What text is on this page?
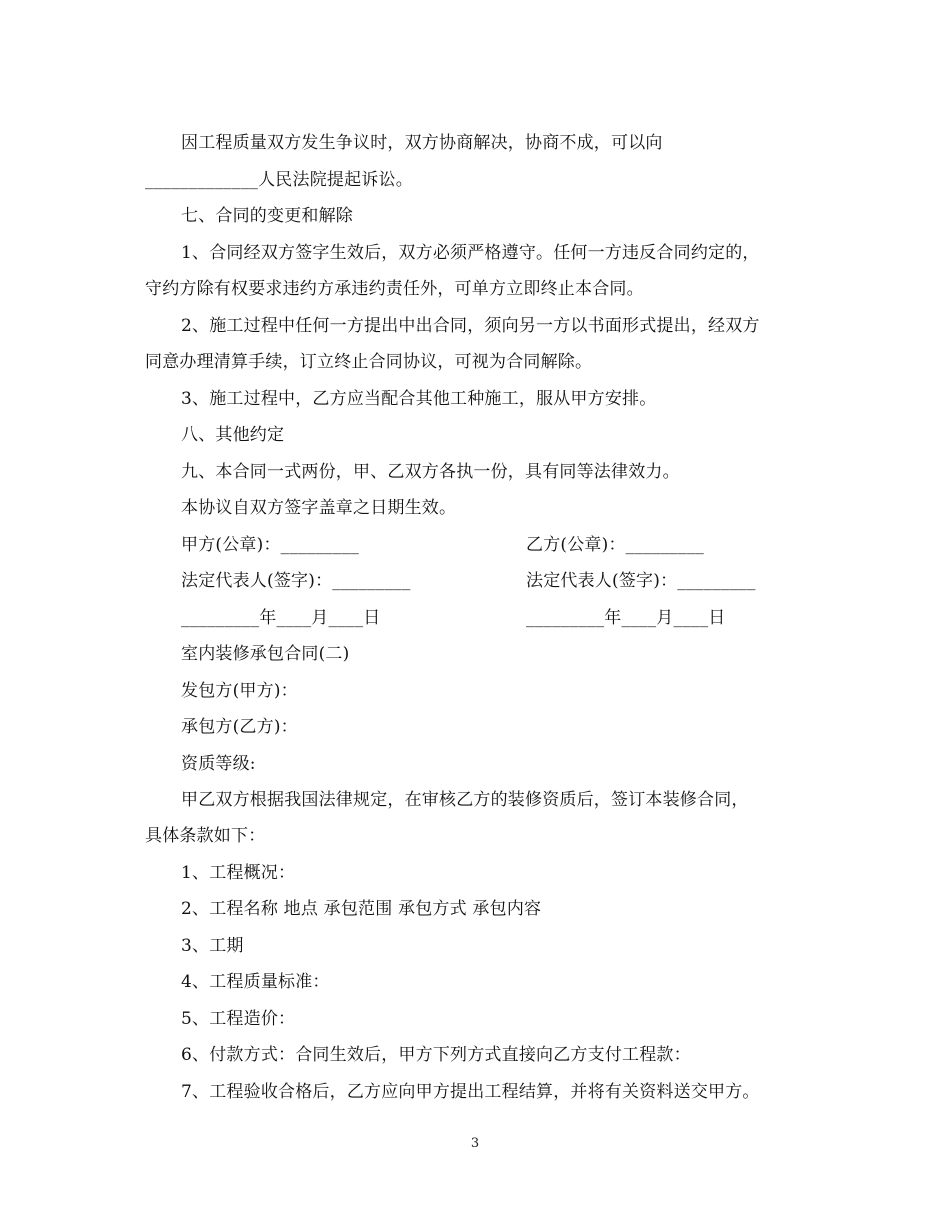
因工程质量双方发生争议时，双方协商解决，协商不成，可以向
_____________人民法院提起诉讼。
七、合同的变更和解除
1、合同经双方签字生效后，双方必须严格遵守。任何一方违反合同约定的，
守约方除有权要求违约方承违约责任外，可单方立即终止本合同。
2、施工过程中任何一方提出中出合同，须向另一方以书面形式提出，经双方
同意办理清算手续，订立终止合同协议，可视为合同解除。
3、施工过程中，乙方应当配合其他工种施工，服从甲方安排。
八、其他约定
九、本合同一式两份，甲、乙双方各执一份，具有同等法律效力。
本协议自双方签字盖章之日期生效。
甲方(公章)：_________	乙方(公章)：_________
法定代表人(签字)：_________	法定代表人(签字)：_________
_________年____月____日	_________年____月____日
室内装修承包合同(二)
发包方(甲方)：
承包方(乙方)：
资质等级:
甲乙双方根据我国法律规定，在审核乙方的装修资质后，签订本装修合同，
具体条款如下：
1、工程概况：
2、工程名称 地点 承包范围 承包方式 承包内容
3、工期
4、工程质量标准：
5、工程造价：
6、付款方式：合同生效后，甲方下列方式直接向乙方支付工程款：
7、工程验收合格后，乙方应向甲方提出工程结算，并将有关资料送交甲方。
3
